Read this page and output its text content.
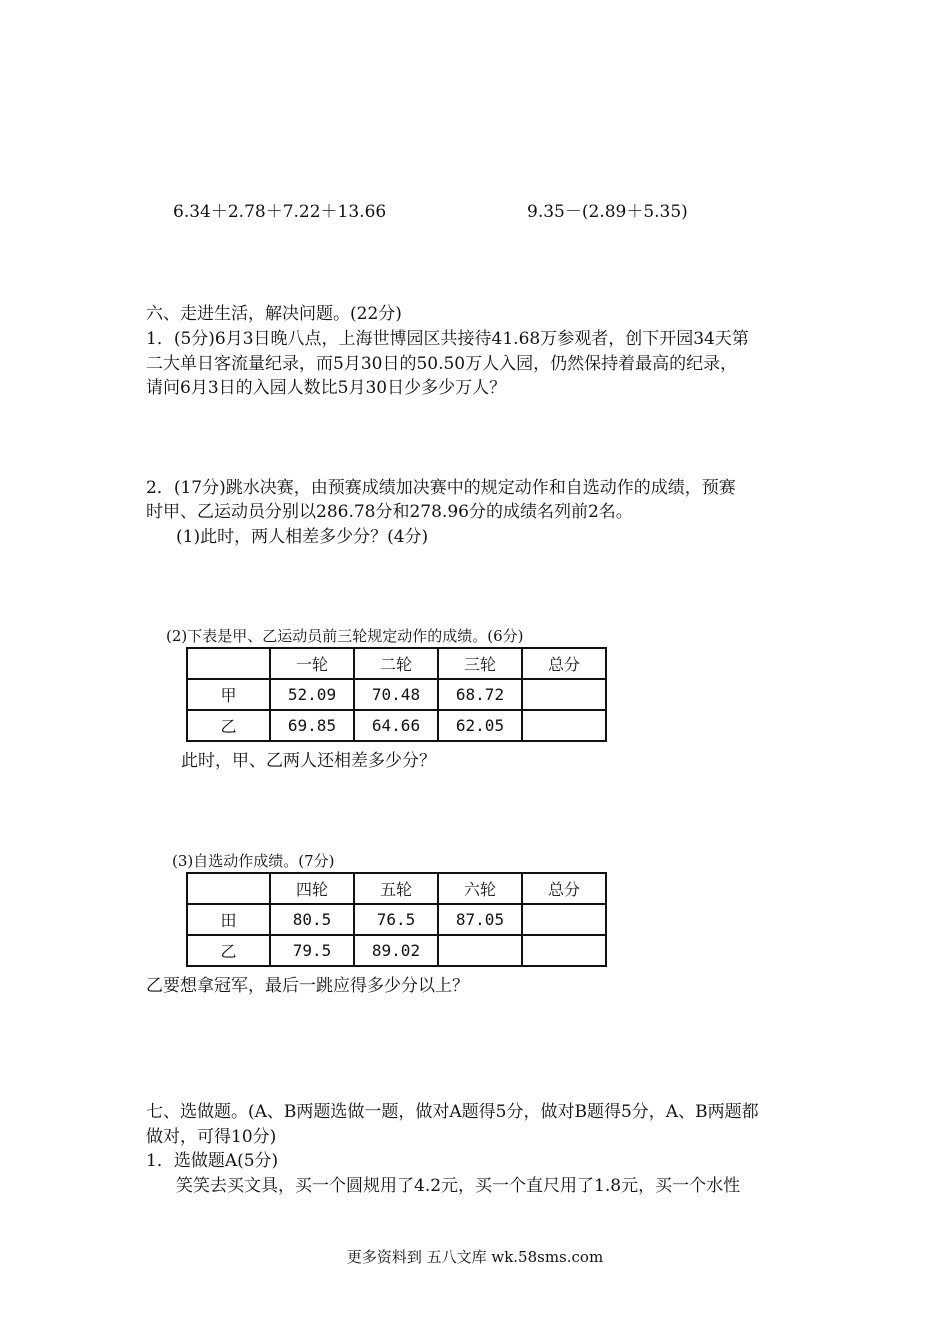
6.34＋2.78＋7.22＋13.66	9.35－(2.89＋5.35)
六、走进生活，解决问题。(22分)
1．(5分)6月3日晚八点，上海世博园区共接待41.68万参观者，创下开园34天第
二大单日客流量纪录，而5月30日的50.50万人入园，仍然保持着最高的纪录，
请问6月3日的入园人数比5月30日少多少万人？
2．(17分)跳水决赛，由预赛成绩加决赛中的规定动作和自选动作的成绩，预赛
时甲、乙运动员分别以286.78分和278.96分的成绩名列前2名。
(1)此时，两人相差多少分？(4分)
(2)下表是甲、乙运动员前三轮规定动作的成绩。(6分)
	一轮	二轮	三轮	总分
甲	52.09	70.48	68.72	
乙	69.85	64.66	62.05	
此时，甲、乙两人还相差多少分？
(3)自选动作成绩。(7分)
	四轮	五轮	六轮	总分
田	80.5	76.5	87.05	
乙	79.5	89.02		
乙要想拿冠军，最后一跳应得多少分以上？
七、选做题。(A、B两题选做一题，做对A题得5分，做对B题得5分，A、B两题都
做对，可得10分)
1．选做题A(5分)
笑笑去买文具，买一个圆规用了4.2元，买一个直尺用了1.8元，买一个水性
更多资料到 五八文库 wk.58sms.com
